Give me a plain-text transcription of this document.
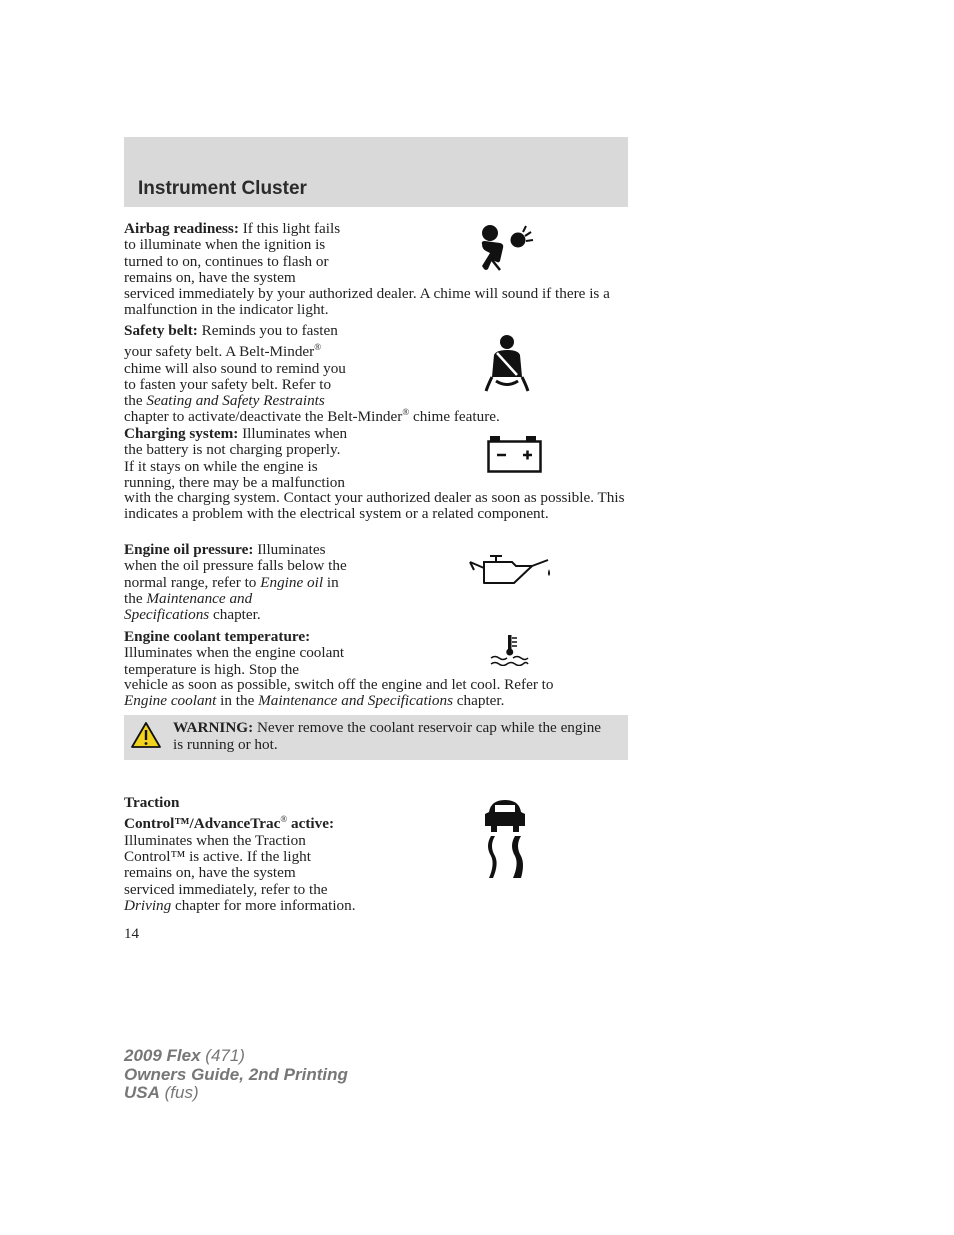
Instrument Cluster
Airbag readiness: If this light fails
to illuminate when the ignition is
turned to on, continues to flash or
remains on, have the system
serviced immediately by your authorized dealer. A chime will sound if there is a malfunction in the indicator light.
Safety belt: Reminds you to fasten
your safety belt. A Belt-Minder®
chime will also sound to remind you
to fasten your safety belt. Refer to
the Seating and Safety Restraints
chapter to activate/deactivate the Belt-Minder® chime feature.
Charging system: Illuminates when
the battery is not charging properly.
If it stays on while the engine is
running, there may be a malfunction
with the charging system. Contact your authorized dealer as soon as possible. This indicates a problem with the electrical system or a related component.
Engine oil pressure: Illuminates
when the oil pressure falls below the
normal range, refer to Engine oil in
the Maintenance and
Specifications chapter.
Engine coolant temperature:
Illuminates when the engine coolant
temperature is high. Stop the
vehicle as soon as possible, switch off the engine and let cool. Refer to
Engine coolant in the Maintenance and Specifications chapter.
WARNING: Never remove the coolant reservoir cap while the engine is running or hot.
Traction
Control™/AdvanceTrac® active:
Illuminates when the Traction
Control™ is active. If the light
remains on, have the system
serviced immediately, refer to the
Driving chapter for more information.
14
2009 Flex (471)
Owners Guide, 2nd Printing
USA (fus)
